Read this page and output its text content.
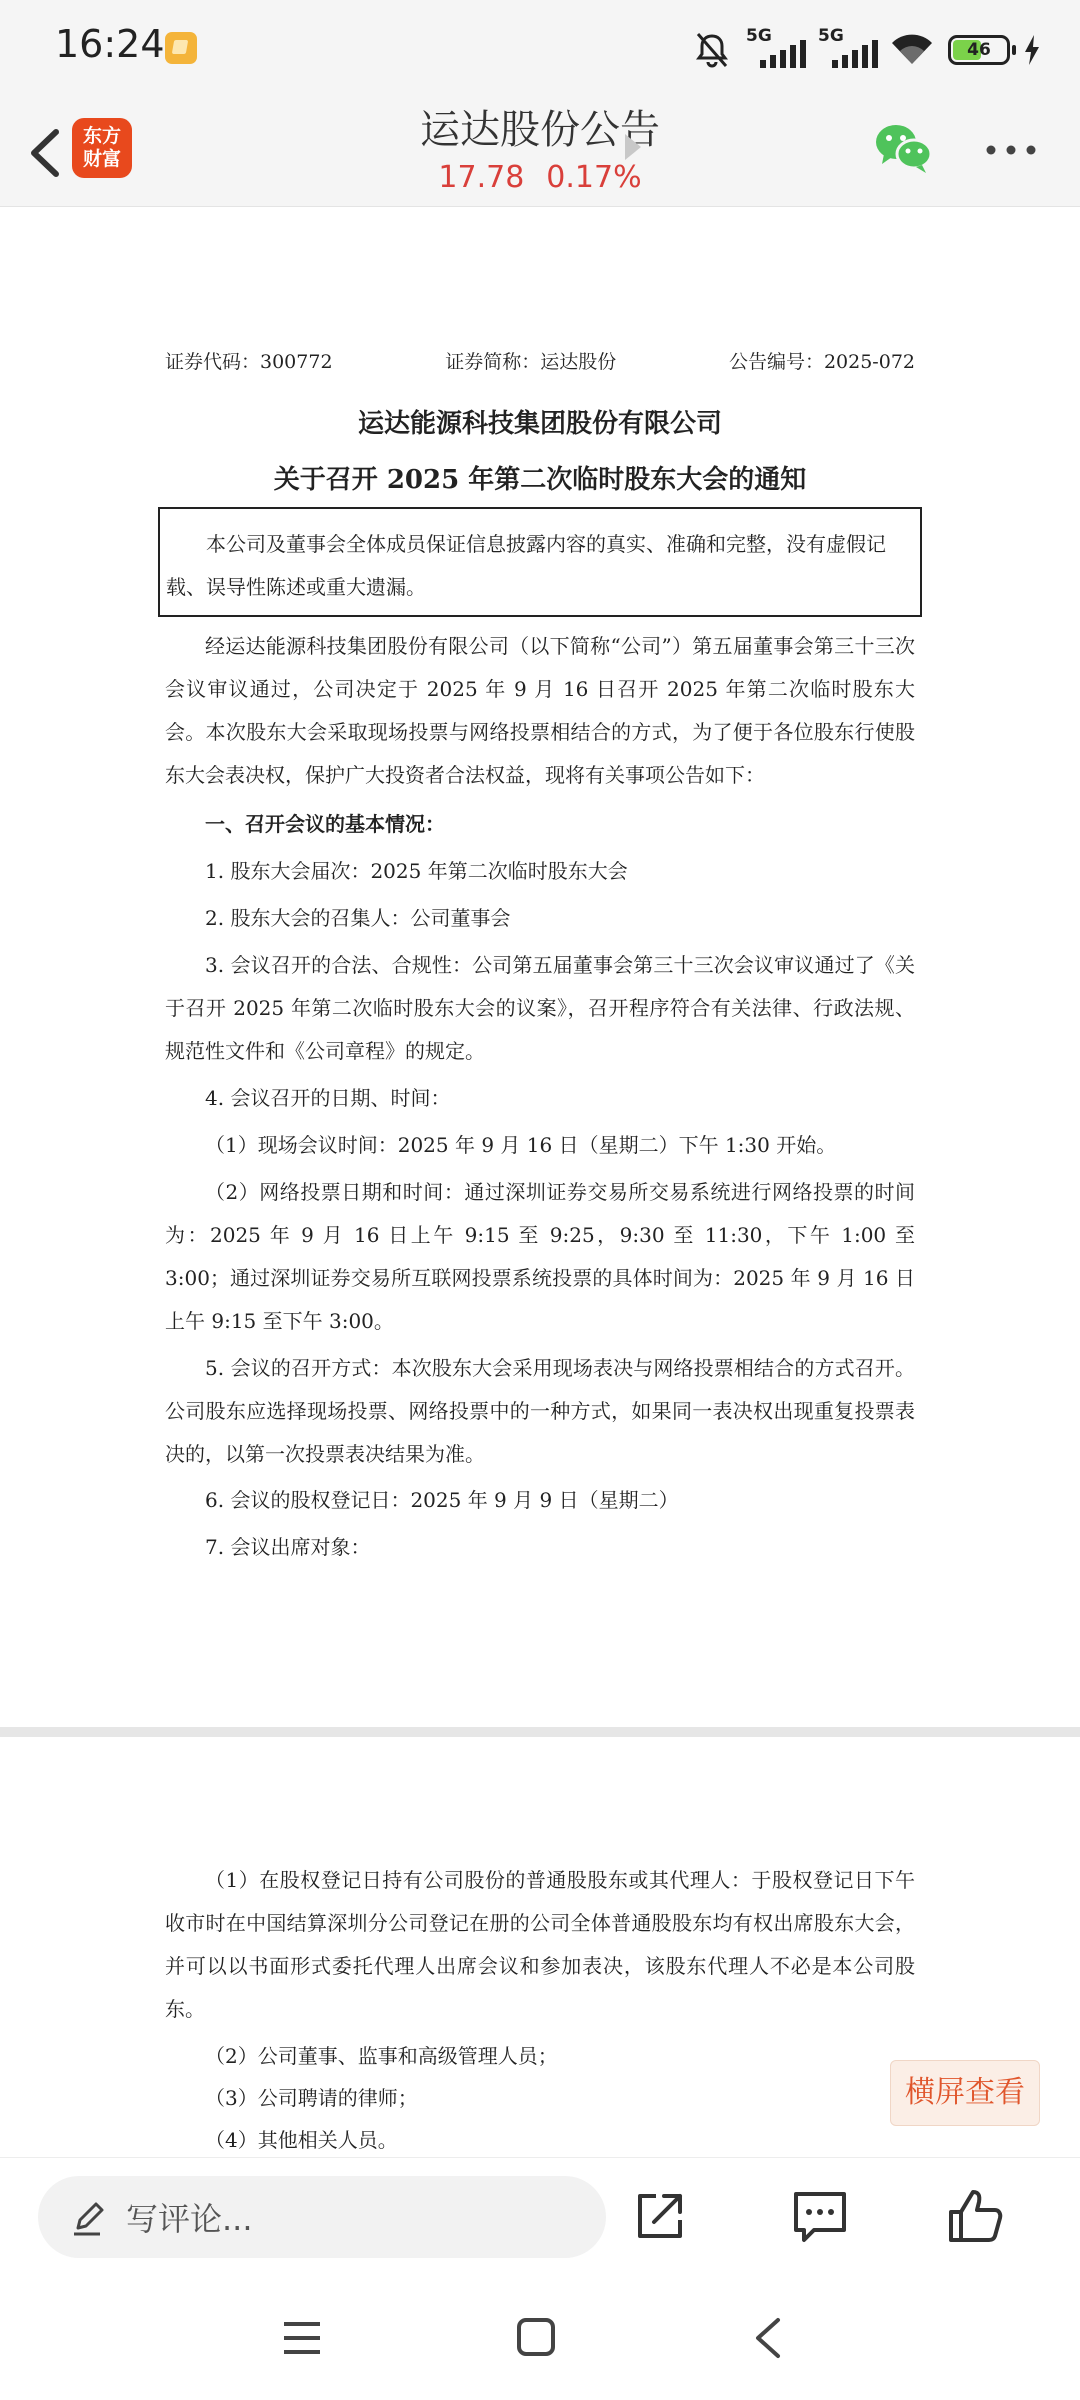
16:24	5G	5G
46
东方
财富
运达股份公告
17.78 0.17%
证券代码：300772	证券简称：运达股份	公告编号：2025-072
运达能源科技集团股份有限公司
关于召开 2025 年第二次临时股东大会的通知
本公司及董事会全体成员保证信息披露内容的真实、准确和完整，没有虚假记载、误导性陈述或重大遗漏。
经运达能源科技集团股份有限公司（以下简称“公司”）第五届董事会第三十三次会议审议通过，公司决定于 2025 年 9 月 16 日召开 2025 年第二次临时股东大会。本次股东大会采取现场投票与网络投票相结合的方式，为了便于各位股东行使股东大会表决权，保护广大投资者合法权益，现将有关事项公告如下：
一、召开会议的基本情况：
1. 股东大会届次：2025 年第二次临时股东大会
2. 股东大会的召集人：公司董事会
3. 会议召开的合法、合规性：公司第五届董事会第三十三次会议审议通过了《关于召开 2025 年第二次临时股东大会的议案》，召开程序符合有关法律、行政法规、规范性文件和《公司章程》的规定。
4. 会议召开的日期、时间：
（1）现场会议时间：2025 年 9 月 16 日（星期二）下午 1:30 开始。
（2）网络投票日期和时间：通过深圳证券交易所交易系统进行网络投票的时间为：2025 年 9 月 16 日上午 9:15 至 9:25，9:30 至 11:30，下午 1:00 至 3:00；通过深圳证券交易所互联网投票系统投票的具体时间为：2025 年 9 月 16 日上午 9:15 至下午 3:00。
5. 会议的召开方式：本次股东大会采用现场表决与网络投票相结合的方式召开。公司股东应选择现场投票、网络投票中的一种方式，如果同一表决权出现重复投票表决的，以第一次投票表决结果为准。
6. 会议的股权登记日：2025 年 9 月 9 日（星期二）
7. 会议出席对象：
（1）在股权登记日持有公司股份的普通股股东或其代理人：于股权登记日下午收市时在中国结算深圳分公司登记在册的公司全体普通股股东均有权出席股东大会，并可以以书面形式委托代理人出席会议和参加表决，该股东代理人不必是本公司股东。
（2）公司董事、监事和高级管理人员；
（3）公司聘请的律师；
（4）其他相关人员。
横屏查看
写评论...
